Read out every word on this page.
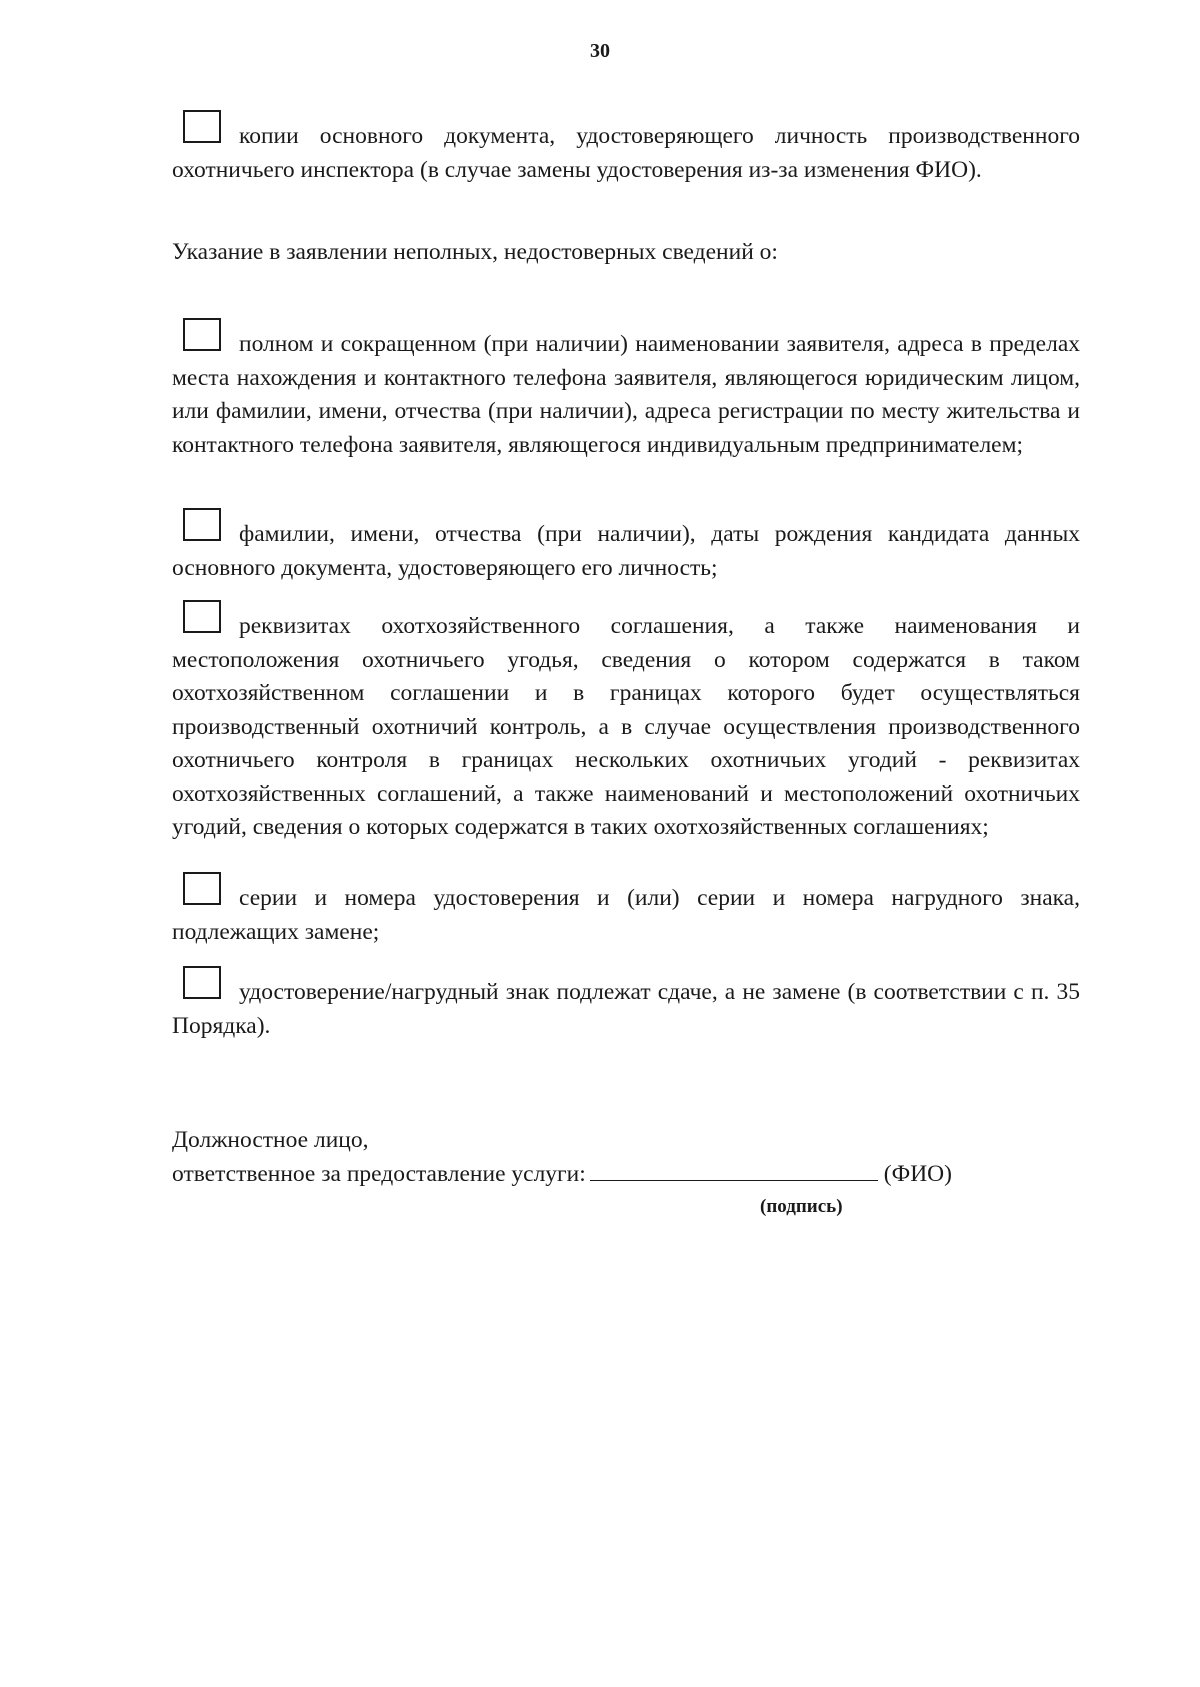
30
копии основного документа, удостоверяющего личность производственного охотничьего инспектора (в случае замены удостоверения из-за изменения ФИО).
Указание в заявлении неполных, недостоверных сведений о:
полном и сокращенном (при наличии) наименовании заявителя, адреса в пределах места нахождения и контактного телефона заявителя, являющегося юридическим лицом, или фамилии, имени, отчества (при наличии), адреса регистрации по месту жительства и контактного телефона заявителя, являющегося индивидуальным предпринимателем;
фамилии, имени, отчества (при наличии), даты рождения кандидата данных основного документа, удостоверяющего его личность;
реквизитах охотхозяйственного соглашения, а также наименования и местоположения охотничьего угодья, сведения о котором содержатся в таком охотхозяйственном соглашении и в границах которого будет осуществляться производственный охотничий контроль, а в случае осуществления производственного охотничьего контроля в границах нескольких охотничьих угодий - реквизитах охотхозяйственных соглашений, а также наименований и местоположений охотничьих угодий, сведения о которых содержатся в таких охотхозяйственных соглашениях;
серии и номера удостоверения и (или) серии и номера нагрудного знака, подлежащих замене;
удостоверение/нагрудный знак подлежат сдаче, а не замене (в соответствии с п. 35 Порядка).
Должностное лицо,
ответственное за предоставление услуги:	(ФИО)
(подпись)
